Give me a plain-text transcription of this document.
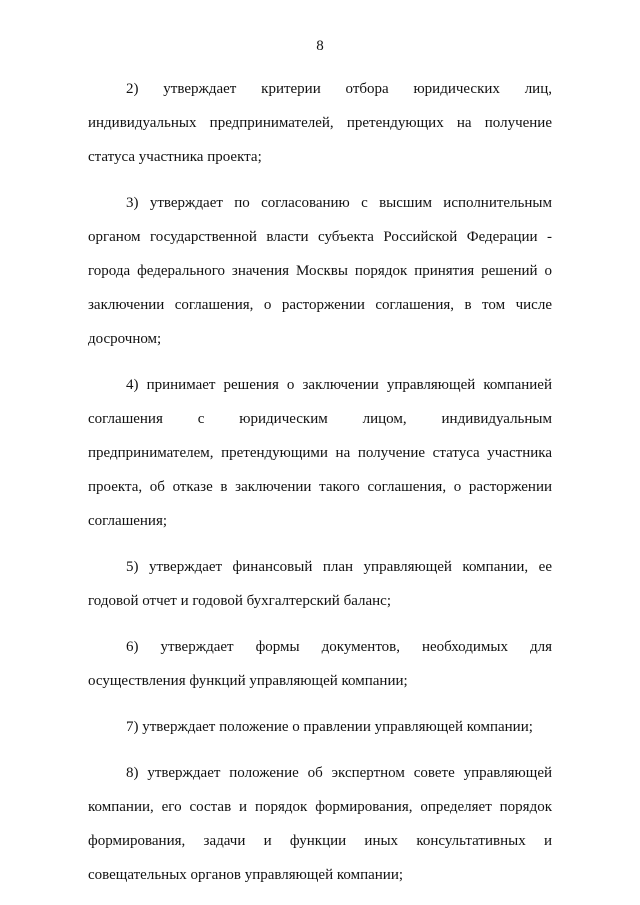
8

2) утверждает критерии отбора юридических лиц, индивидуальных предпринимателей, претендующих на получение статуса участника проекта;

3) утверждает по согласованию с высшим исполнительным органом государственной власти субъекта Российской Федерации - города федерального значения Москвы порядок принятия решений о заключении соглашения, о расторжении соглашения, в том числе досрочном;

4) принимает решения о заключении управляющей компанией соглашения с юридическим лицом, индивидуальным предпринимателем, претендующими на получение статуса участника проекта, об отказе в заключении такого соглашения, о расторжении соглашения;

5) утверждает финансовый план управляющей компании, ее годовой отчет и годовой бухгалтерский баланс;

6) утверждает формы документов, необходимых для осуществления функций управляющей компании;

7) утверждает положение о правлении управляющей компании;

8) утверждает положение об экспертном совете управляющей компании, его состав и порядок формирования, определяет порядок формирования, задачи и функции иных консультативных и совещательных органов управляющей компании;
